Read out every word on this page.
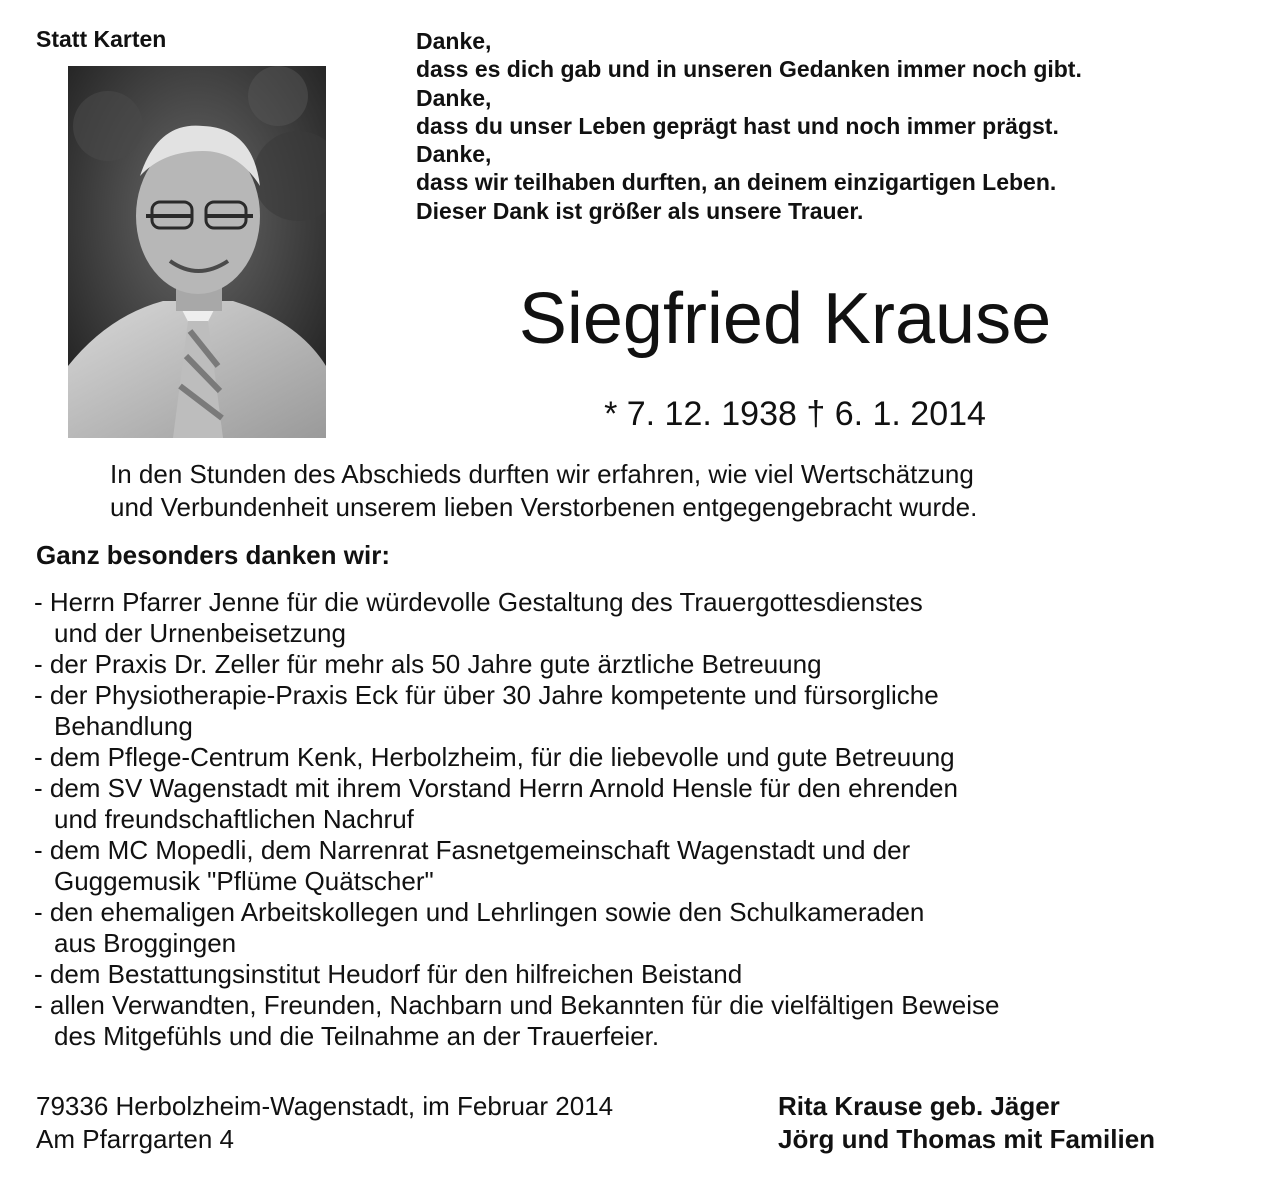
Statt Karten	Danke,
dass es dich gab und in unseren Gedanken immer noch gibt.
Danke,
dass du unser Leben geprägt hast und noch immer prägst.
Danke,
dass wir teilhaben durften, an deinem einzigartigen Leben.
Dieser Dank ist größer als unsere Trauer.
Siegfried Krause
* 7. 12. 1938 † 6. 1. 2014
In den Stunden des Abschieds durften wir erfahren, wie viel Wertschätzung
und Verbundenheit unserem lieben Verstorbenen entgegengebracht wurde.
Ganz besonders danken wir:
- Herrn Pfarrer Jenne für die würdevolle Gestaltung des Trauergottesdienstes
und der Urnenbeisetzung
- der Praxis Dr. Zeller für mehr als 50 Jahre gute ärztliche Betreuung
- der Physiotherapie-Praxis Eck für über 30 Jahre kompetente und fürsorgliche
Behandlung
- dem Pflege-Centrum Kenk, Herbolzheim, für die liebevolle und gute Betreuung
- dem SV Wagenstadt mit ihrem Vorstand Herrn Arnold Hensle für den ehrenden
und freundschaftlichen Nachruf
- dem MC Mopedli, dem Narrenrat Fasnetgemeinschaft Wagenstadt und der
Guggemusik "Pflüme Quätscher"
- den ehemaligen Arbeitskollegen und Lehrlingen sowie den Schulkameraden
aus Broggingen
- dem Bestattungsinstitut Heudorf für den hilfreichen Beistand
- allen Verwandten, Freunden, Nachbarn und Bekannten für die vielfältigen Beweise
des Mitgefühls und die Teilnahme an der Trauerfeier.
79336 Herbolzheim-Wagenstadt, im Februar 2014
Am Pfarrgarten 4
Rita Krause geb. Jäger
Jörg und Thomas mit Familien
